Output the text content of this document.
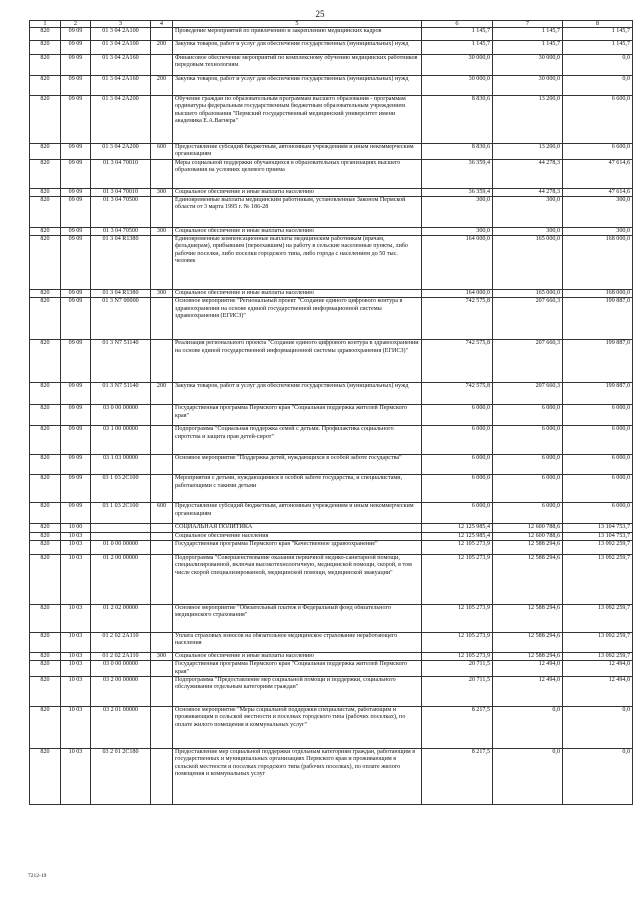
25
1	2	3	4	5	6	7	8
820	09 09	01 3 04 2А100		Проведение мероприятий по привлечению и закреплению медицинских кадров	1 145,7	1 145,7	1 145,7
820	09 09	01 3 04 2А100	200	Закупка товаров, работ и услуг для обеспечения государственных (муниципальных) нужд	1 145,7	1 145,7	1 145,7
820	09 09	01 3 04 2А160		Финансовое обеспечение мероприятий по комплексному обучению медицинских работников передовым технологиям	30 000,0	30 000,0	0,0
820	09 09	01 3 04 2А160	200	Закупка товаров, работ и услуг для обеспечения государственных (муниципальных) нужд	30 000,0	30 000,0	0,0
820	09 09	01 3 04 2А200		Обучение граждан по образовательным программам высшего образования - программам ординатуры федеральным государственным бюджетным образовательным учреждением высшего образования "Пермский государственный медицинский университет имени академика Е.А.Вагнера"	8 830,6	13 200,0	6 600,0
820	09 09	01 3 04 2А200	600	Предоставление субсидий бюджетным, автономным учреждениям и иным некоммерческим организациям	8 830,6	13 200,0	6 600,0
820	09 09	01 3 04 70010		Меры социальной поддержки обучающихся в образовательных организациях высшего образования на условиях целевого приема	36 359,4	44 278,3	47 614,6
820	09 09	01 3 04 70010	300	Социальное обеспечение и иные выплаты населению	36 359,4	44 278,3	47 614,6
820	09 09	01 3 04 70500		Единовременные выплаты медицинским работникам, установленные Законом Пермской области от 3 марта 1995 г. № 186-28	300,0	300,0	300,0
820	09 09	01 3 04 70500	300	Социальное обеспечение и иные выплаты населению	300,0	300,0	300,0
820	09 09	01 3 04 R1380		Единовременные компенсационные выплаты медицинским работникам (врачам, фельдшерам), прибывшим (переехавшим) на работу в сельские населенные пункты, либо рабочие поселки, либо поселки городского типа, либо города с населением до 50 тыс. человек	164 000,0	165 000,0	168 000,0
820	09 09	01 3 04 R1380	300	Социальное обеспечение и иные выплаты населению	164 000,0	165 000,0	168 000,0
820	09 09	01 3 N7 00000		Основное мероприятие "Региональный проект "Создание единого цифрового контура в здравоохранении на основе единой государственной информационной системы здравоохранения (ЕГИСЗ)"	742 575,8	207 660,3	199 887,0
820	09 09	01 3 N7 51140		Реализация регионального проекта "Создание единого цифрового контура в здравоохранении на основе единой государственной информационной системы здравоохранения (ЕГИСЗ)"	742 575,8	207 660,3	199 887,0
820	09 09	01 3 N7 51140	200	Закупка товаров, работ и услуг для обеспечения государственных (муниципальных) нужд	742 575,8	207 660,3	199 887,0
820	09 09	03 0 00 00000		Государственная программа Пермского края "Социальная поддержка жителей Пермского края"	6 000,0	6 000,0	6 000,0
820	09 09	03 1 00 00000		Подпрограмма "Социальная поддержка семей с детьми. Профилактика социального сиротства и защита прав детей-сирот"	6 000,0	6 000,0	6 000,0
820	09 09	03 1 03 00000		Основное мероприятие "Поддержка детей, нуждающихся в особой заботе государства"	6 000,0	6 000,0	6 000,0
820	09 09	03 1 03 2С100		Мероприятия с детьми, нуждающимися в особой заботе государства, и специалистами, работающими с такими детьми	6 000,0	6 000,0	6 000,0
820	09 09	03 1 03 2С100	600	Предоставление субсидий бюджетным, автономным учреждениям и иным некоммерческим организациям	6 000,0	6 000,0	6 000,0
820	10 00			СОЦИАЛЬНАЯ ПОЛИТИКА	12 125 985,4	12 600 788,6	13 104 753,7
820	10 03			Социальное обеспечение населения	12 125 985,4	12 600 788,6	13 104 753,7
820	10 03	01 0 00 00000		Государственная программа Пермского края "Качественное здравоохранение"	12 105 273,9	12 588 294,6	13 092 259,7
820	10 03	01 2 00 00000		Подпрограмма "Совершенствование оказания первичной медико-санитарной помощи, специализированной, включая высокотехнологичную, медицинской помощи, скорой, в том числе скорой специализированной, медицинской помощи, медицинской эвакуации"	12 105 273,9	12 588 294,6	13 092 259,7
820	10 03	01 2 02 00000		Основное мероприятие "Обязательный платеж в Федеральный фонд обязательного медицинского страхования"	12 105 273,9	12 588 294,6	13 092 259,7
820	10 03	01 2 02 2А110		Уплата страховых взносов на обязательное медицинское страхование неработающего населения	12 105 273,9	12 588 294,6	13 092 259,7
820	10 03	01 2 02 2А110	300	Социальное обеспечение и иные выплаты населению	12 105 273,9	12 588 294,6	13 092 259,7
820	10 03	03 0 00 00000		Государственная программа Пермского края "Социальная поддержка жителей Пермского края"	20 711,5	12 494,0	12 494,0
820	10 03	03 2 00 00000		Подпрограмма "Предоставление мер социальной помощи и поддержки, социального обслуживания отдельным категориям граждан"	20 711,5	12 494,0	12 494,0
820	10 03	03 2 01 00000		Основное мероприятие "Меры социальной поддержки специалистам, работающим и проживающим в сельской местности и поселках городского типа (рабочих поселках), по оплате жилого помещения и коммунальных услуг"	8 217,5	0,0	0,0
820	10 03	03 2 01 2С180		Предоставление мер социальной поддержки отдельным категориям граждан, работающим в государственных и муниципальных организациях Пермского края и проживающим в сельской местности и поселках городского типа (рабочих поселках), по оплате жилого помещения и коммунальных услуг	8 217,5	0,0	0,0
7212-19
